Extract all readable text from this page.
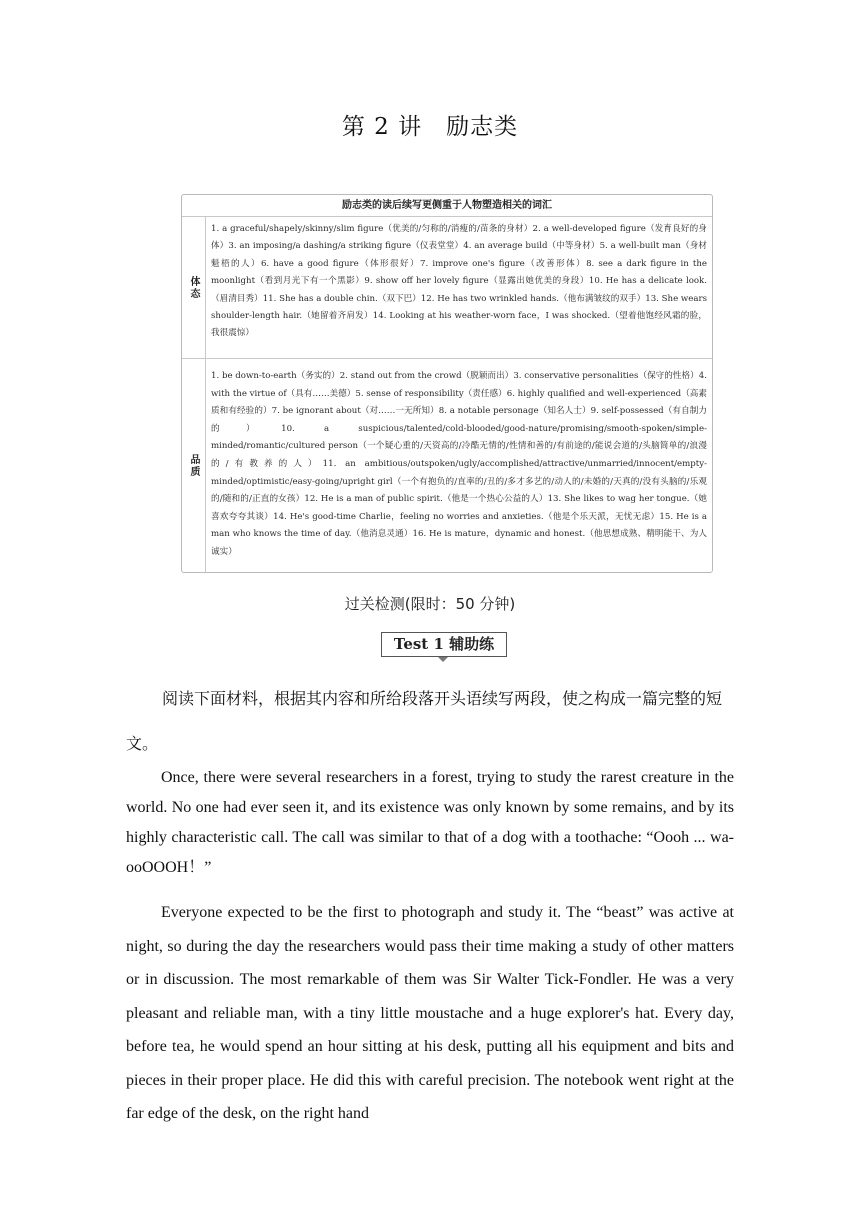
第 2 讲　励志类
励志类的读后续写更侧重于人物塑造相关的词汇
体态
1. a graceful/shapely/skinny/slim figure（优美的/匀称的/消瘦的/苗条的身材）2. a well-developed figure（发育良好的身体）3. an imposing/a dashing/a striking figure（仪表堂堂）4. an average build（中等身材）5. a well-built man（身材魁梧的人）6. have a good figure（体形很好）7. improve one's figure（改善形体）8. see a dark figure in the moonlight（看到月光下有一个黑影）9. show off her lovely figure（显露出她优美的身段）10. He has a delicate look.（眉清目秀）11. She has a double chin.（双下巴）12. He has two wrinkled hands.（他布满皱纹的双手）13. She wears shoulder-length hair.（她留着齐肩发）14. Looking at his weather-worn face，I was shocked.（望着他饱经风霜的脸，我很震惊）
品质
1. be down-to-earth（务实的）2. stand out from the crowd（脱颖而出）3. conservative personalities（保守的性格）4. with the virtue of（具有……美德）5. sense of responsibility（责任感）6. highly qualified and well-experienced（高素质和有经验的）7. be ignorant about（对……一无所知）8. a notable personage（知名人士）9. self-possessed（有自制力的）10. a suspicious/talented/cold-blooded/good-nature/promising/smooth-spoken/simple-minded/romantic/cultured person（一个疑心重的/天资高的/冷酷无情的/性情和善的/有前途的/能说会道的/头脑简单的/浪漫的/有教养的人）11. an ambitious/outspoken/ugly/accomplished/attractive/unmarried/innocent/empty-minded/optimistic/easy-going/upright girl（一个有抱负的/直率的/丑的/多才多艺的/动人的/未婚的/天真的/没有头脑的/乐观的/随和的/正直的女孩）12. He is a man of public spirit.（他是一个热心公益的人）13. She likes to wag her tongue.（她喜欢夸夸其谈）14. He's good-time Charlie，feeling no worries and anxieties.（他是个乐天派，无忧无虑）15. He is a man who knows the time of day.（他消息灵通）16. He is mature，dynamic and honest.（他思想成熟、精明能干、为人诚实）
过关检测(限时：50 分钟)
Test 1 辅助练
阅读下面材料，根据其内容和所给段落开头语续写两段，使之构成一篇完整的短文。
Once, there were several researchers in a forest, trying to study the rarest creature in the world. No one had ever seen it, and its existence was only known by some remains, and by its highly characteristic call. The call was similar to that of a dog with a toothache: “Oooh ... wa-ooOOOH！”
Everyone expected to be the first to photograph and study it. The “beast” was active at night, so during the day the researchers would pass their time making a study of other matters or in discussion. The most remarkable of them was Sir Walter Tick-Fondler. He was a very pleasant and reliable man, with a tiny little moustache and a huge explorer's hat. Every day, before tea, he would spend an hour sitting at his desk, putting all his equipment and bits and pieces in their proper place. He did this with careful precision. The notebook went right at the far edge of the desk, on the right hand
